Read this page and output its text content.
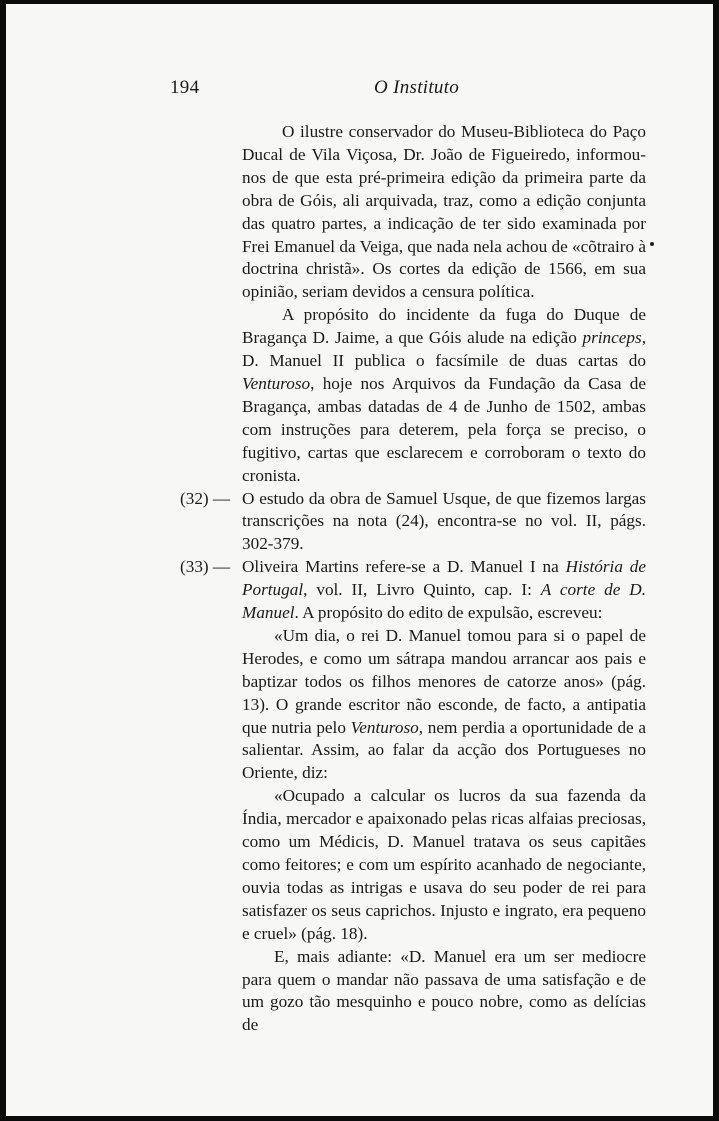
194	O Instituto

O ilustre conservador do Museu-Biblioteca do Paço Ducal de Vila Viçosa, Dr. João de Figueiredo, informou-nos de que esta pré-primeira edição da primeira parte da obra de Góis, ali arquivada, traz, como a edição conjunta das quatro partes, a indicação de ter sido examinada por Frei Emanuel da Veiga, que nada nela achou de «cõtrairo à doctrina christã». Os cortes da edição de 1566, em sua opinião, seriam devidos a censura política.

A propósito do incidente da fuga do Duque de Bragança D. Jaime, a que Góis alude na edição princeps, D. Manuel II publica o facsímile de duas cartas do Venturoso, hoje nos Arquivos da Fundação da Casa de Bragança, ambas datadas de 4 de Junho de 1502, ambas com instruções para deterem, pela força se preciso, o fugitivo, cartas que esclarecem e corroboram o texto do cronista.

(32) — O estudo da obra de Samuel Usque, de que fizemos largas transcrições na nota (24), encontra-se no vol. II, págs. 302-379.

(33) — Oliveira Martins refere-se a D. Manuel I na História de Portugal, vol. II, Livro Quinto, cap. I: A corte de D. Manuel. A propósito do edito de expulsão, escreveu:

«Um dia, o rei D. Manuel tomou para si o papel de Herodes, e como um sátrapa mandou arrancar aos pais e baptizar todos os filhos menores de catorze anos» (pág. 13). O grande escritor não esconde, de facto, a antipatia que nutria pelo Venturoso, nem perdia a oportunidade de a salientar. Assim, ao falar da acção dos Portugueses no Oriente, diz:

«Ocupado a calcular os lucros da sua fazenda da Índia, mercador e apaixonado pelas ricas alfaias preciosas, como um Médicis, D. Manuel tratava os seus capitães como feitores; e com um espírito acanhado de negociante, ouvia todas as intrigas e usava do seu poder de rei para satisfazer os seus caprichos. Injusto e ingrato, era pequeno e cruel» (pág. 18).

E, mais adiante: «D. Manuel era um ser mediocre para quem o mandar não passava de uma satisfação e de um gozo tão mesquinho e pouco nobre, como as delícias de
